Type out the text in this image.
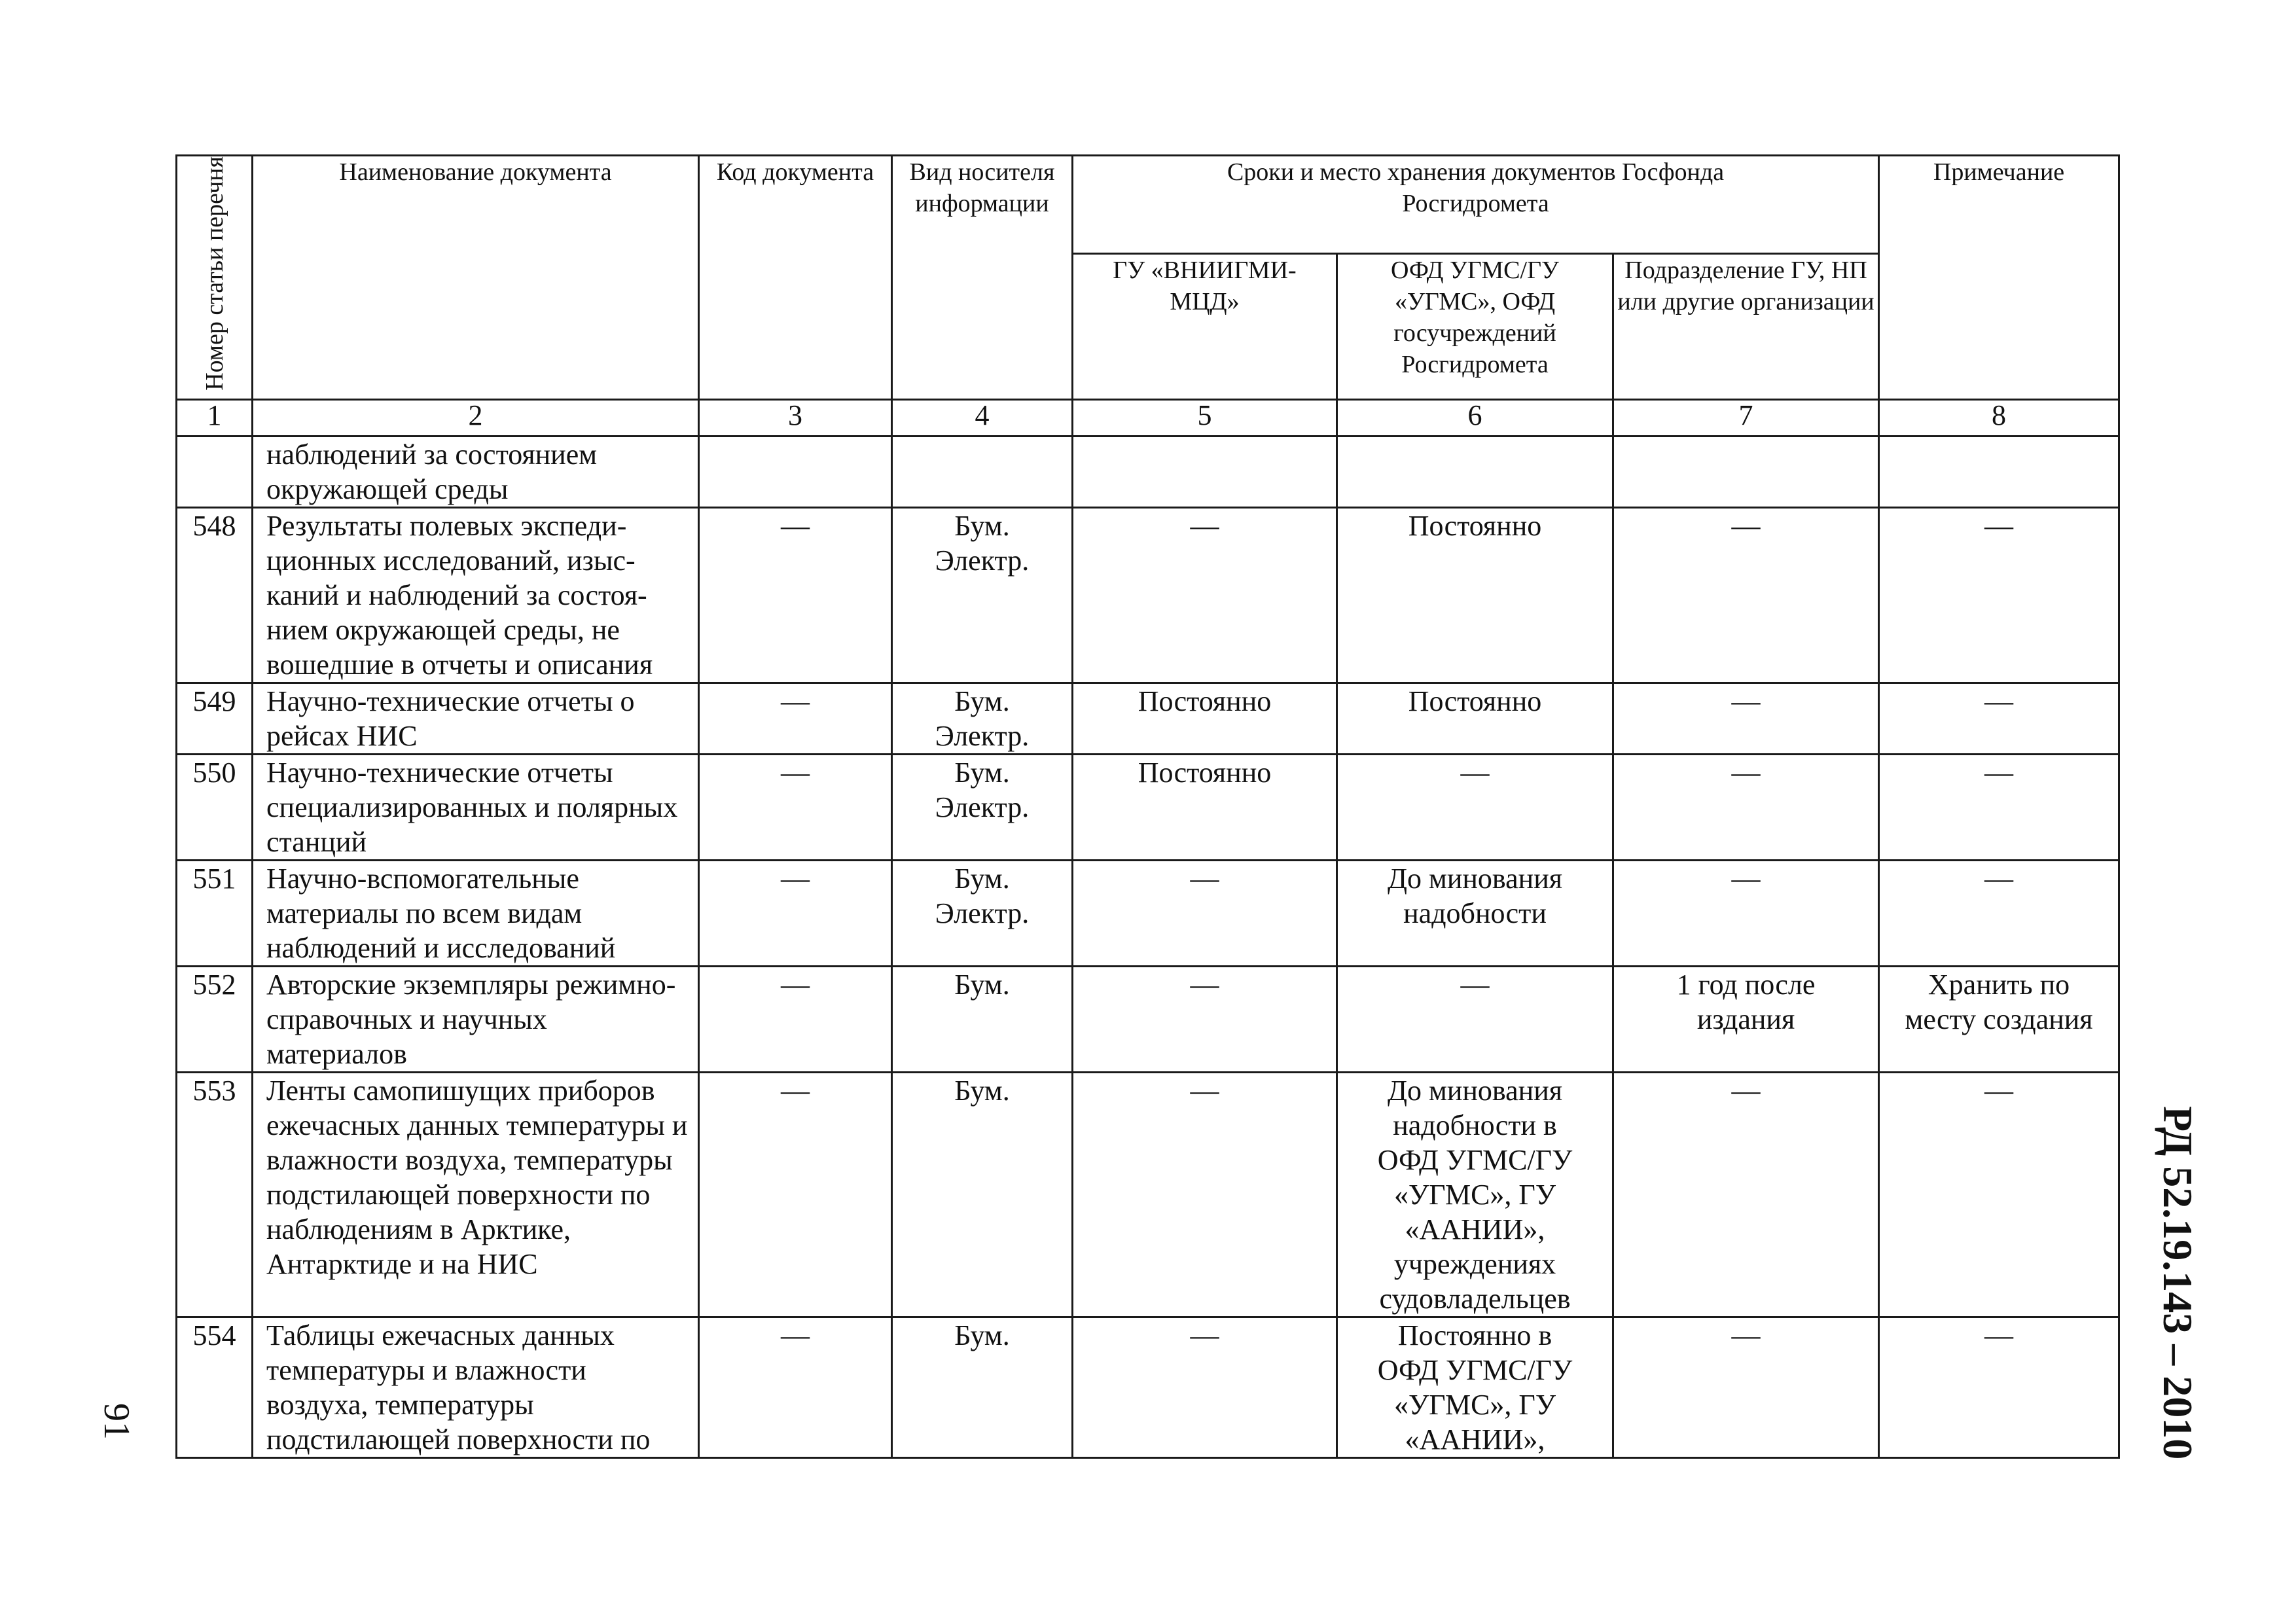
Номер статьи перечня	Наименование документа	Код документа	Вид носителя информации	Сроки и место хранения документов Госфонда Росгидромета			Примечание
				ГУ «ВНИИГМИ-МЦД»	ОФД УГМС/ГУ «УГМС», ОФД госучреждений Росгидромета	Подразделение ГУ, НП или другие организации	
1	2	3	4	5	6	7	8
	наблюдений за состоянием окружающей среды						
548	Результаты полевых экспеди-ционных исследований, изыс-каний и наблюдений за состоя-нием окружающей среды, не вошедшие в отчеты и описания	—	Бум. Электр.	—	Постоянно	—	—
549	Научно-технические отчеты о рейсах НИС	—	Бум. Электр.	Постоянно	Постоянно	—	—
550	Научно-технические отчеты специализированных и полярных станций	—	Бум. Электр.	Постоянно	—	—	—
551	Научно-вспомогательные материалы по всем видам наблюдений и исследований	—	Бум. Электр.	—	До минования надобности	—	—
552	Авторские экземпляры режимно-справочных и научных материалов	—	Бум.	—	—	1 год после издания	Хранить по месту создания
553	Ленты самопишущих приборов ежечасных данных температуры и влажности воздуха, температуры подстилающей поверхности по наблюдениям в Арктике, Антарктиде и на НИС	—	Бум.	—	До минования надобности в ОФД УГМС/ГУ «УГМС», ГУ «ААНИИ», учреждениях судовладельцев	—	—
554	Таблицы ежечасных данных температуры и влажности воздуха, температуры подстилающей поверхности по	—	Бум.	—	Постоянно в ОФД УГМС/ГУ «УГМС», ГУ «ААНИИ»,	—	—
91	РД 52.19.143 – 2010
